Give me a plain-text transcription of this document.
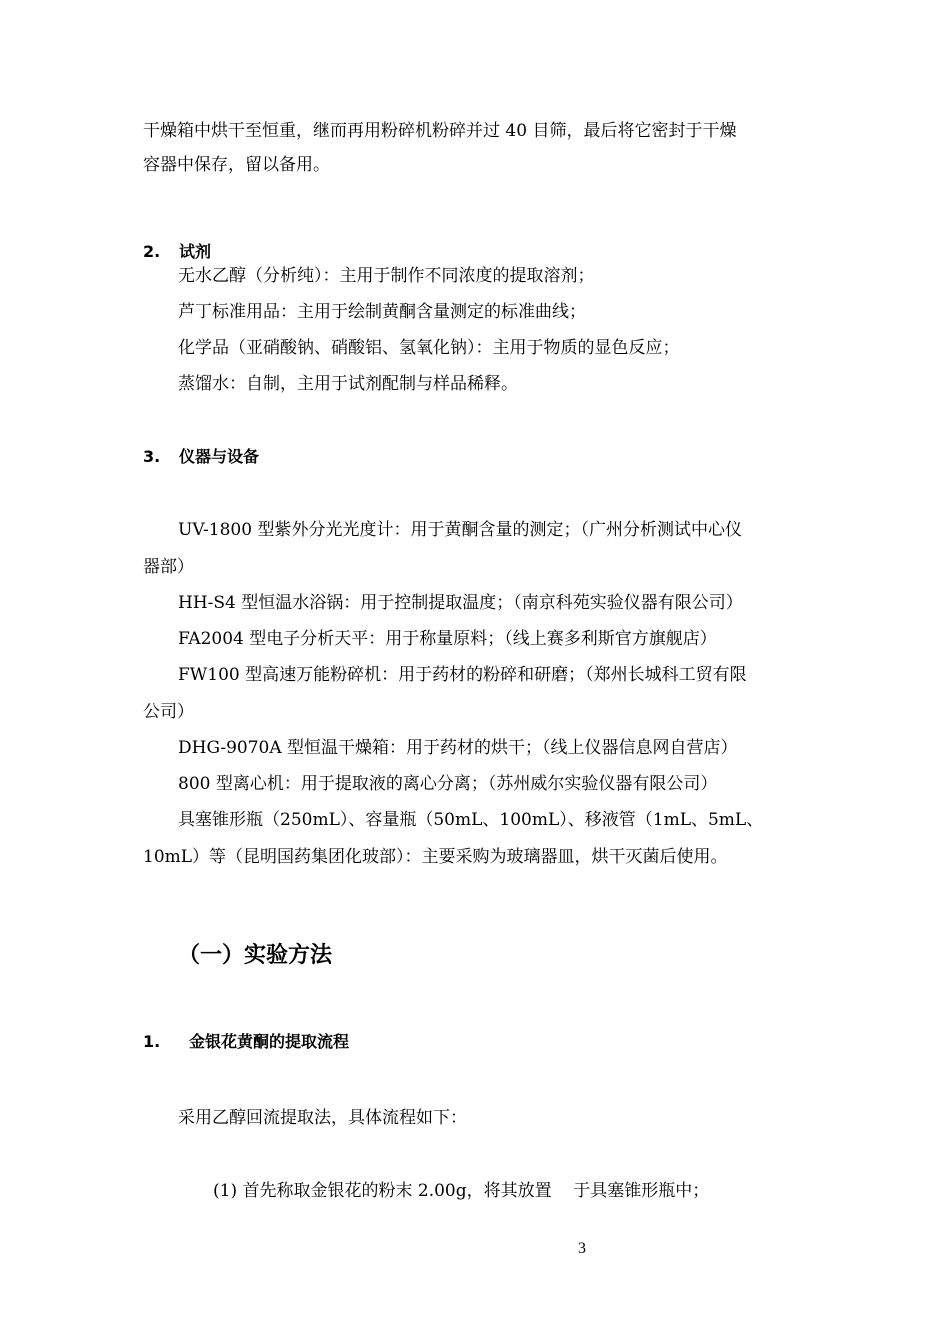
干燥箱中烘干至恒重，继而再用粉碎机粉碎并过 40 目筛，最后将它密封于干燥
容器中保存，留以备用。
2. 试剂
无水乙醇（分析纯）：主用于制作不同浓度的提取溶剂；
芦丁标准用品：主用于绘制黄酮含量测定的标准曲线；
化学品（亚硝酸钠、硝酸铝、氢氧化钠）：主用于物质的显色反应；
蒸馏水：自制，主用于试剂配制与样品稀释。
3. 仪器与设备
UV-1800 型紫外分光光度计：用于黄酮含量的测定；（广州分析测试中心仪
器部）
HH-S4 型恒温水浴锅：用于控制提取温度；（南京科苑实验仪器有限公司）
FA2004 型电子分析天平：用于称量原料；（线上赛多利斯官方旗舰店）
FW100 型高速万能粉碎机：用于药材的粉碎和研磨；（郑州长城科工贸有限
公司）
DHG-9070A 型恒温干燥箱：用于药材的烘干；（线上仪器信息网自营店）
800 型离心机：用于提取液的离心分离；（苏州威尔实验仪器有限公司）
具塞锥形瓶（250mL）、容量瓶（50mL、100mL）、移液管（1mL、5mL、
10mL）等（昆明国药集团化玻部）：主要采购为玻璃器皿，烘干灭菌后使用。
（一）实验方法
1. 金银花黄酮的提取流程
采用乙醇回流提取法，具体流程如下：
(1) 首先称取金银花的粉末 2.00g，将其放置    于具塞锥形瓶中；
3
